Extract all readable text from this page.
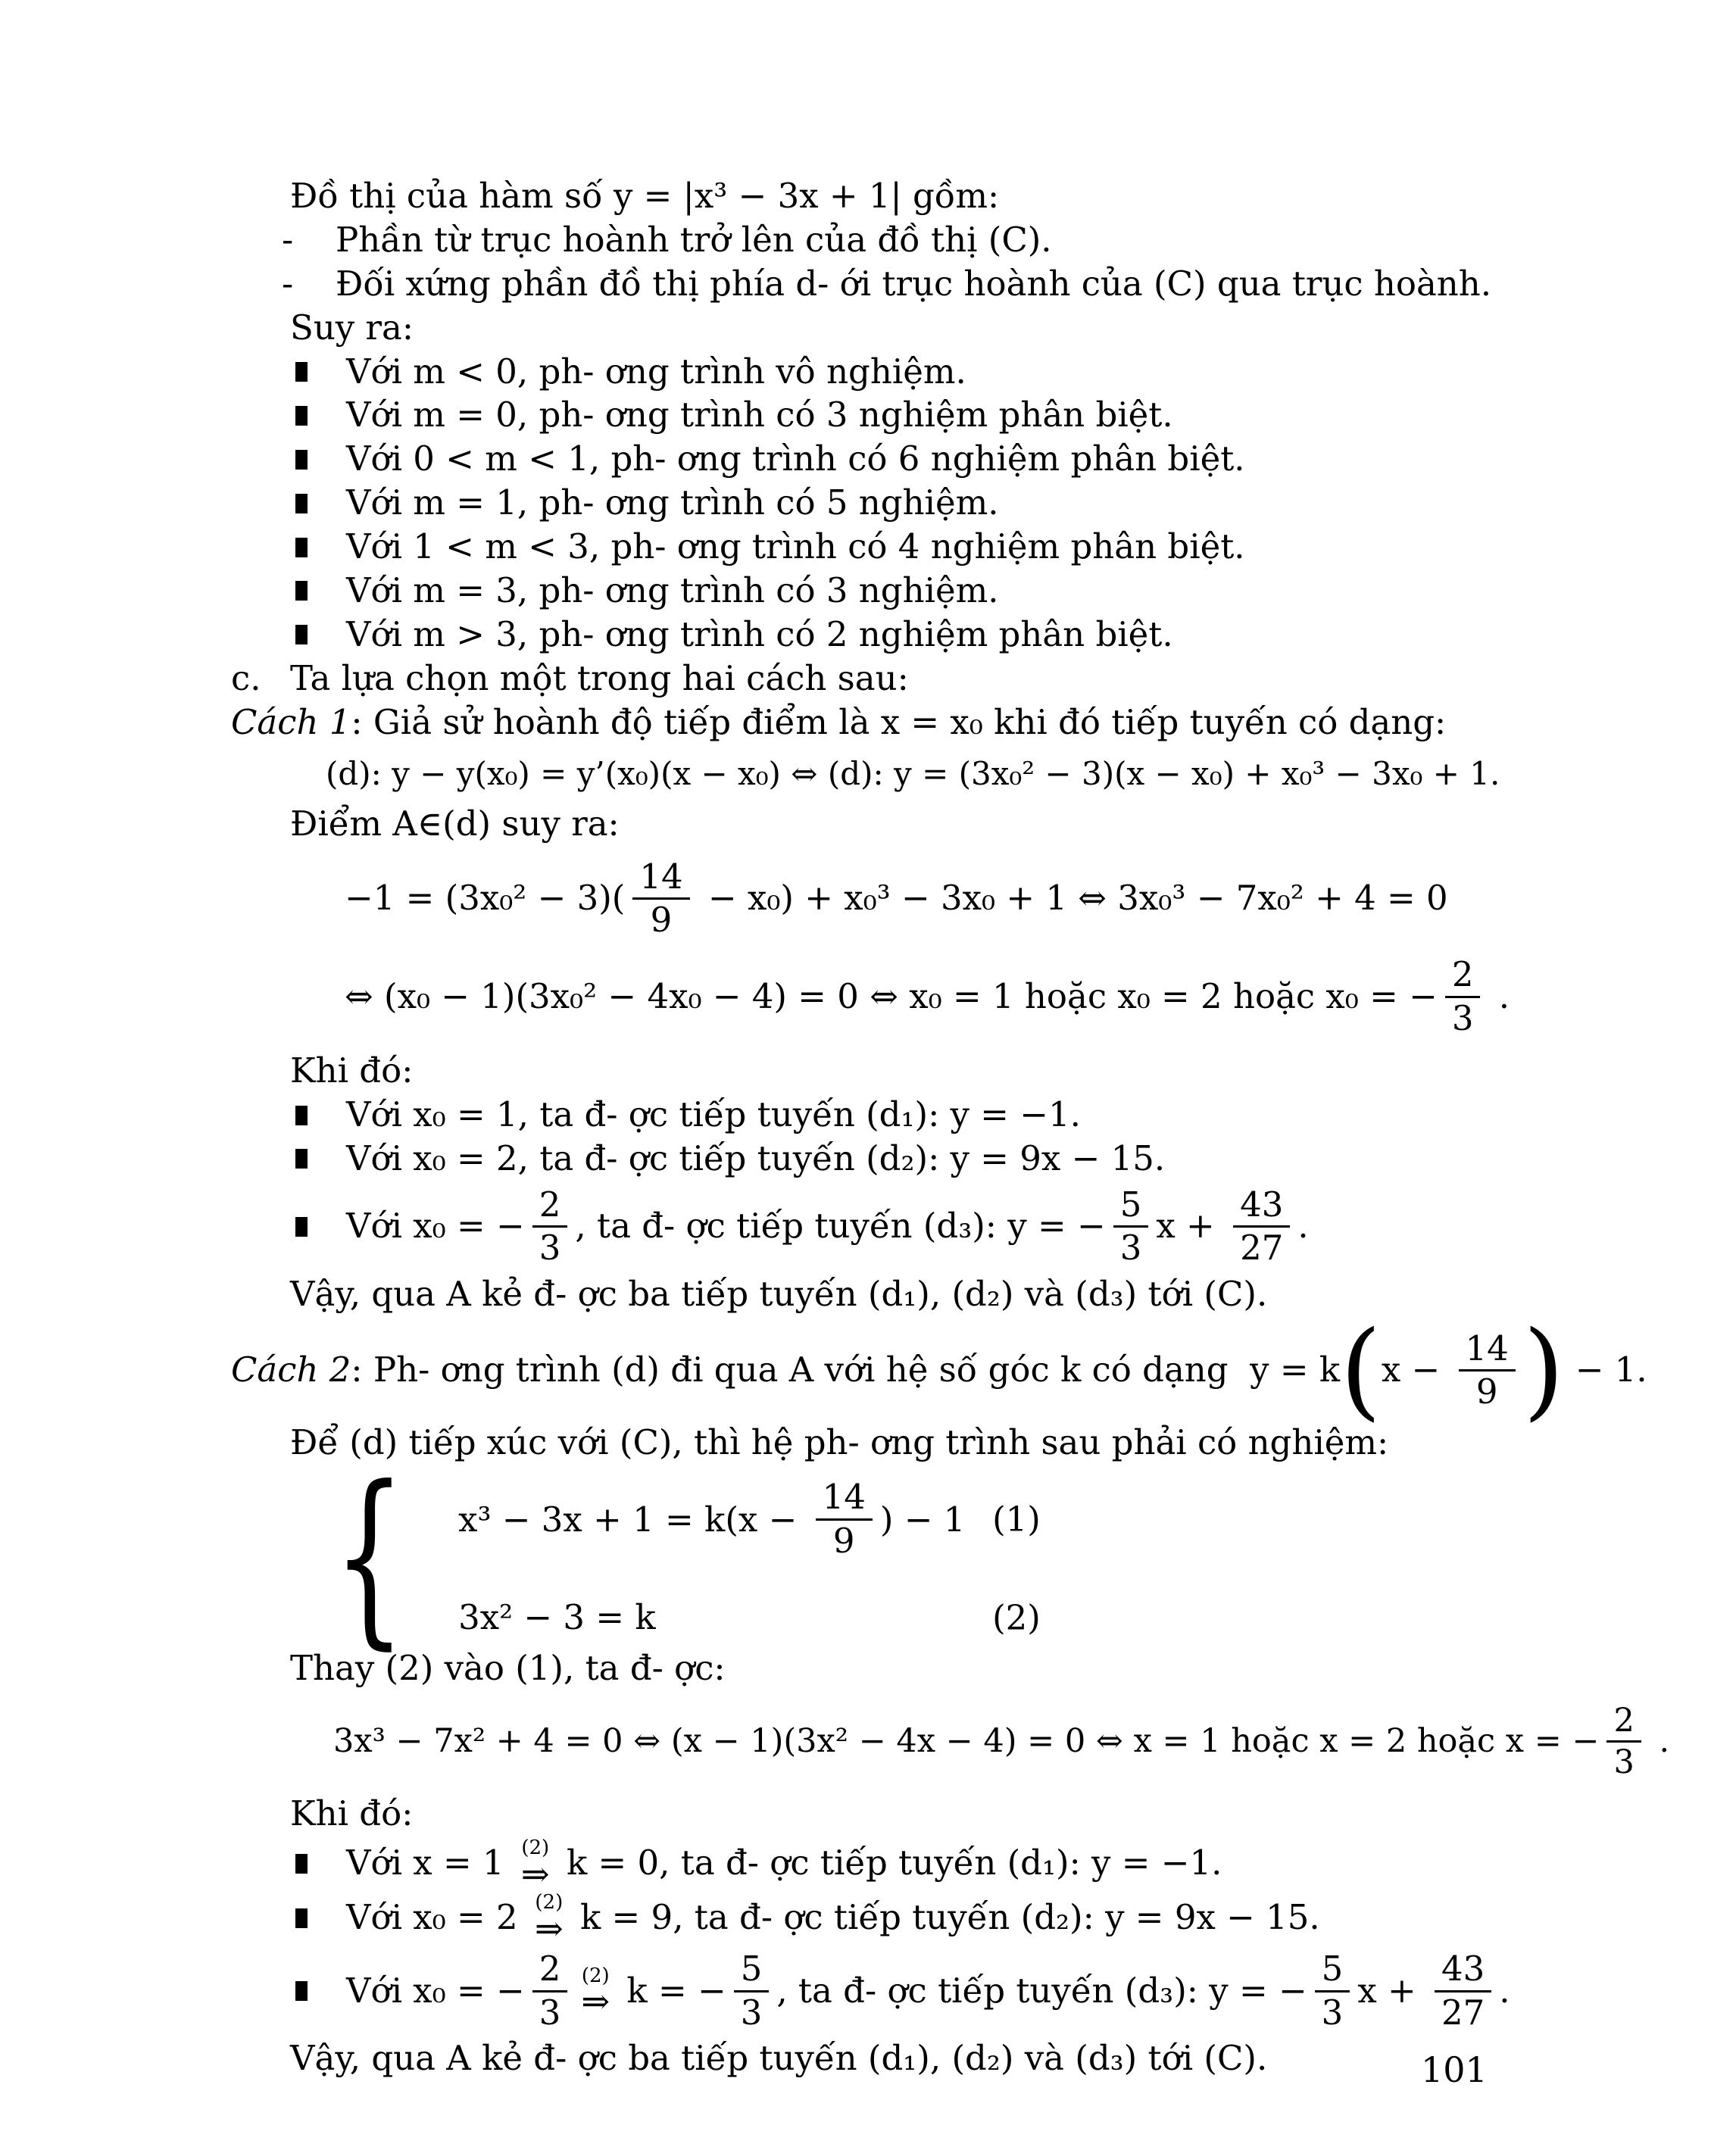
Đồ thị của hàm số y = |x³ − 3x + 1| gồm:

-	Phần từ trục hoành trở lên của đồ thị (C).
-	Đối xứng phần đồ thị phía d- ới trục hoành của (C) qua trục hoành.

Suy ra:

Với m < 0, ph- ơng trình vô nghiệm.
Với m = 0, ph- ơng trình có 3 nghiệm phân biệt.
Với 0 < m < 1, ph- ơng trình có 6 nghiệm phân biệt.
Với m = 1, ph- ơng trình có 5 nghiệm.
Với 1 < m < 3, ph- ơng trình có 4 nghiệm phân biệt.
Với m = 3, ph- ơng trình có 3 nghiệm.
Với m > 3, ph- ơng trình có 2 nghiệm phân biệt.
c. Ta lựa chọn một trong hai cách sau:
Cách 1 : Giả sử hoành độ tiếp điểm là x = x₀ khi đó tiếp tuyến có dạng:

(d): y − y(x₀) = y’(x₀)(x − x₀) ⇔ (d): y = (3x₀² − 3)(x − x₀) + x₀³ − 3x₀ + 1.

Điểm A∈(d) suy ra:

$-1 = (3x_0^2 - 3)( \frac{14}{9} - x_0) + x_0^3 - 3x_0 + 1$ ⇔ 3x₀³ − 7x₀² + 4 = 0
⇔ (x₀ − 1)(3x₀² − 4x₀ − 4) = 0 ⇔ x₀ = 1 hoặc x₀ = 2 hoặc x₀ = − $\frac{2}{3}$ .

Khi đó:

Với x₀ = 1, ta đ- ợc tiếp tuyến (d₁): y = −1.
Với x₀ = 2, ta đ- ợc tiếp tuyến (d₂): y = 9x − 15.
Với x₀ = − $\frac{2}{3}$ , ta đ- ợc tiếp tuyến (d₃): y = − $\frac{5}{3}$ $x + \frac{43}{27}$ .

Vậy, qua A kẻ đ- ợc ba tiếp tuyến (d₁), (d₂) và (d₃) tới (C).

Cách 2 : Ph- ơng trình (d) đi qua A với hệ số góc k có dạng  y = k ( $x - \frac{14}{9}$ ) − 1.

Để (d) tiếp xúc với (C), thì hệ ph- ơng trình sau phải có nghiệm:

{ $x^3 - 3x + 1 = k(x - \frac{14}{9}$ ) − 1 (1)
3x² − 3 = k	(2)

Thay (2) vào (1), ta đ- ợc:

3x³ − 7x² + 4 = 0 ⇔ (x − 1)(3x² − 4x − 4) = 0 ⇔ x = 1 hoặc x = 2 hoặc x = − $\frac{2}{3}$ .

Khi đó:

Với x = 1 (2)
⇒ k = 0, ta đ- ợc tiếp tuyến (d₁): y = −1.
Với x₀ = 2 (2)
⇒ k = 9, ta đ- ợc tiếp tuyến (d₂): y = 9x − 15.
Với x₀ = − $\frac{2}{3} (2)$
⇒ k = − $\frac{5}{3}$ , ta đ- ợc tiếp tuyến (d₃): y = − $\frac{5}{3}$ $x + \frac{43}{27}$ .

Vậy, qua A kẻ đ- ợc ba tiếp tuyến (d₁), (d₂) và (d₃) tới (C).	101
